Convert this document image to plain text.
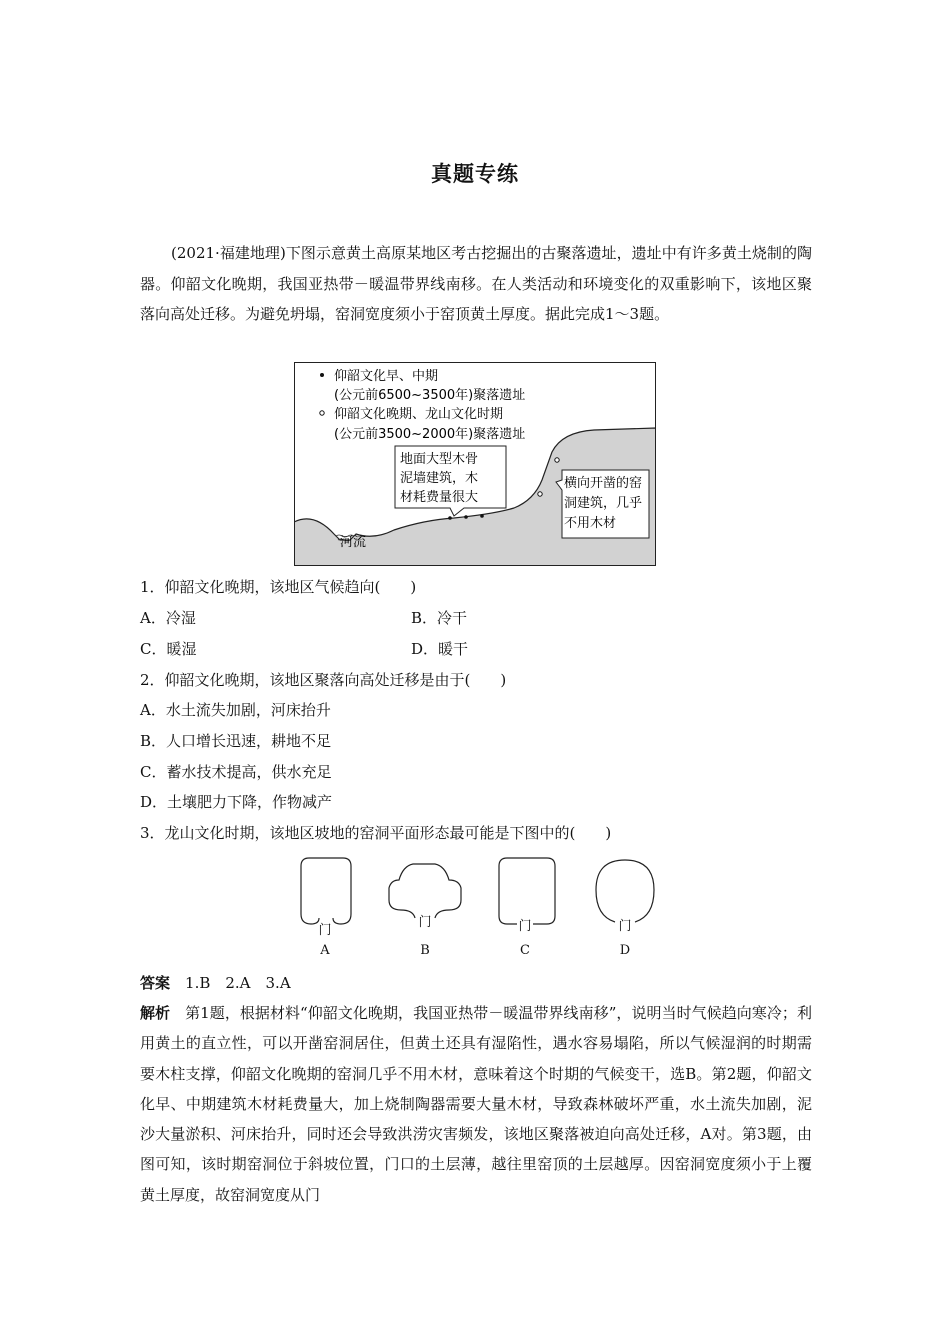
真题专练
(2021·福建地理)下图示意黄土高原某地区考古挖掘出的古聚落遗址，遗址中有许多黄土烧制的陶器。仰韶文化晚期，我国亚热带－暖温带界线南移。在人类活动和环境变化的双重影响下，该地区聚落向高处迁移。为避免坍塌，窑洞宽度须小于窑顶黄土厚度。据此完成1～3题。
仰韶文化早、中期
(公元前6500~3500年)聚落遗址
仰韶文化晚期、龙山文化时期
(公元前3500~2000年)聚落遗址
地面大型木骨
泥墙建筑，木
材耗费量很大
横向开凿的窑
洞建筑，几乎
不用木材
河流
1．仰韶文化晚期，该地区气候趋向(　　)
A．冷湿	B．冷干
C．暖湿	D．暖干
2．仰韶文化晚期，该地区聚落向高处迁移是由于(　　)
A．水土流失加剧，河床抬升
B．人口增长迅速，耕地不足
C．蓄水技术提高，供水充足
D．土壤肥力下降，作物减产
3．龙山文化时期，该地区坡地的窑洞平面形态最可能是下图中的(　　)
门
门	门	门
A	B	C	D
答案　 1.B　2.A　3.A
解析　 第1题，根据材料“仰韶文化晚期，我国亚热带－暖温带界线南移”，说明当时气候趋向寒冷；利用黄土的直立性，可以开凿窑洞居住，但黄土还具有湿陷性，遇水容易塌陷，所以气候湿润的时期需要木柱支撑，仰韶文化晚期的窑洞几乎不用木材，意味着这个时期的气候变干，选B。第2题，仰韶文化早、中期建筑木材耗费量大，加上烧制陶器需要大量木材，导致森林破坏严重，水土流失加剧，泥沙大量淤积、河床抬升，同时还会导致洪涝灾害频发，该地区聚落被迫向高处迁移，A对。第3题，由图可知，该时期窑洞位于斜坡位置，门口的土层薄，越往里窑顶的土层越厚。因窑洞宽度须小于上覆黄土厚度，故窑洞宽度从门
